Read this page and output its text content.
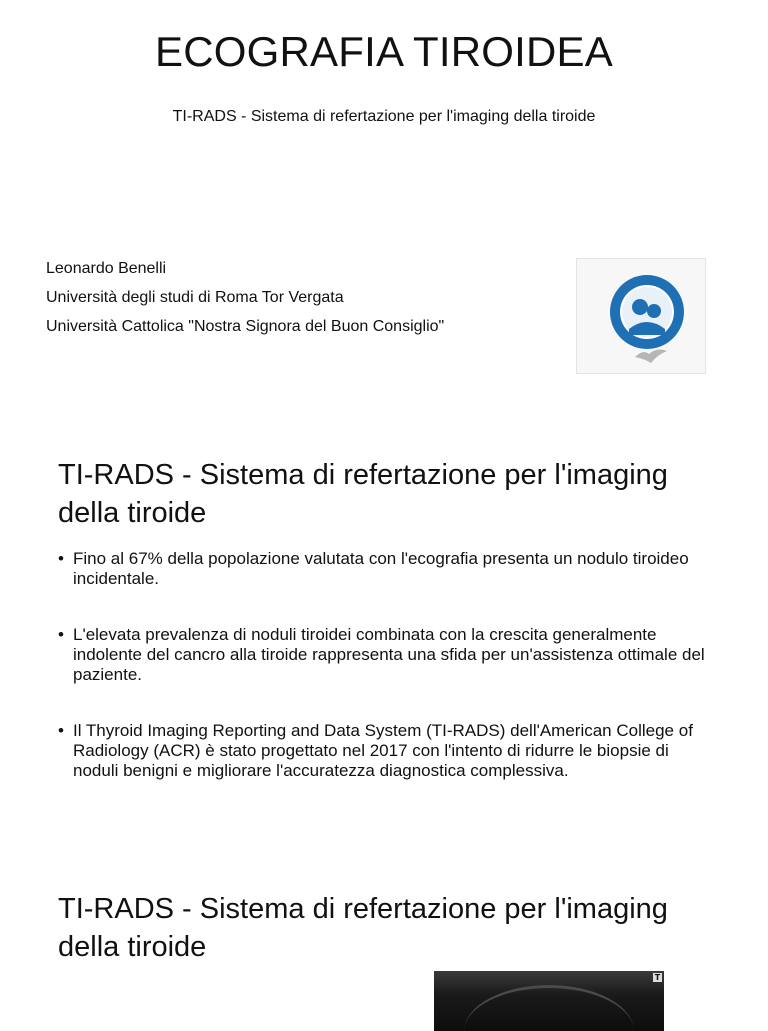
ECOGRAFIA TIROIDEA
TI-RADS - Sistema di refertazione per l'imaging della tiroide
Leonardo Benelli
Università degli studi di Roma Tor Vergata
Università Cattolica "Nostra Signora del Buon Consiglio"
TI-RADS - Sistema di refertazione per l'imaging della tiroide
• Fino al 67% della popolazione valutata con l'ecografia presenta un nodulo tiroideo incidentale.
• L'elevata prevalenza di noduli tiroidei combinata con la crescita generalmente indolente del cancro alla tiroide rappresenta una sfida per un'assistenza ottimale del paziente.
• Il Thyroid Imaging Reporting and Data System (TI-RADS) dell'American College of Radiology (ACR) è stato progettato nel 2017 con l'intento di ridurre le biopsie di noduli benigni e migliorare l'accuratezza diagnostica complessiva.
TI-RADS - Sistema di refertazione per l'imaging della tiroide
T
